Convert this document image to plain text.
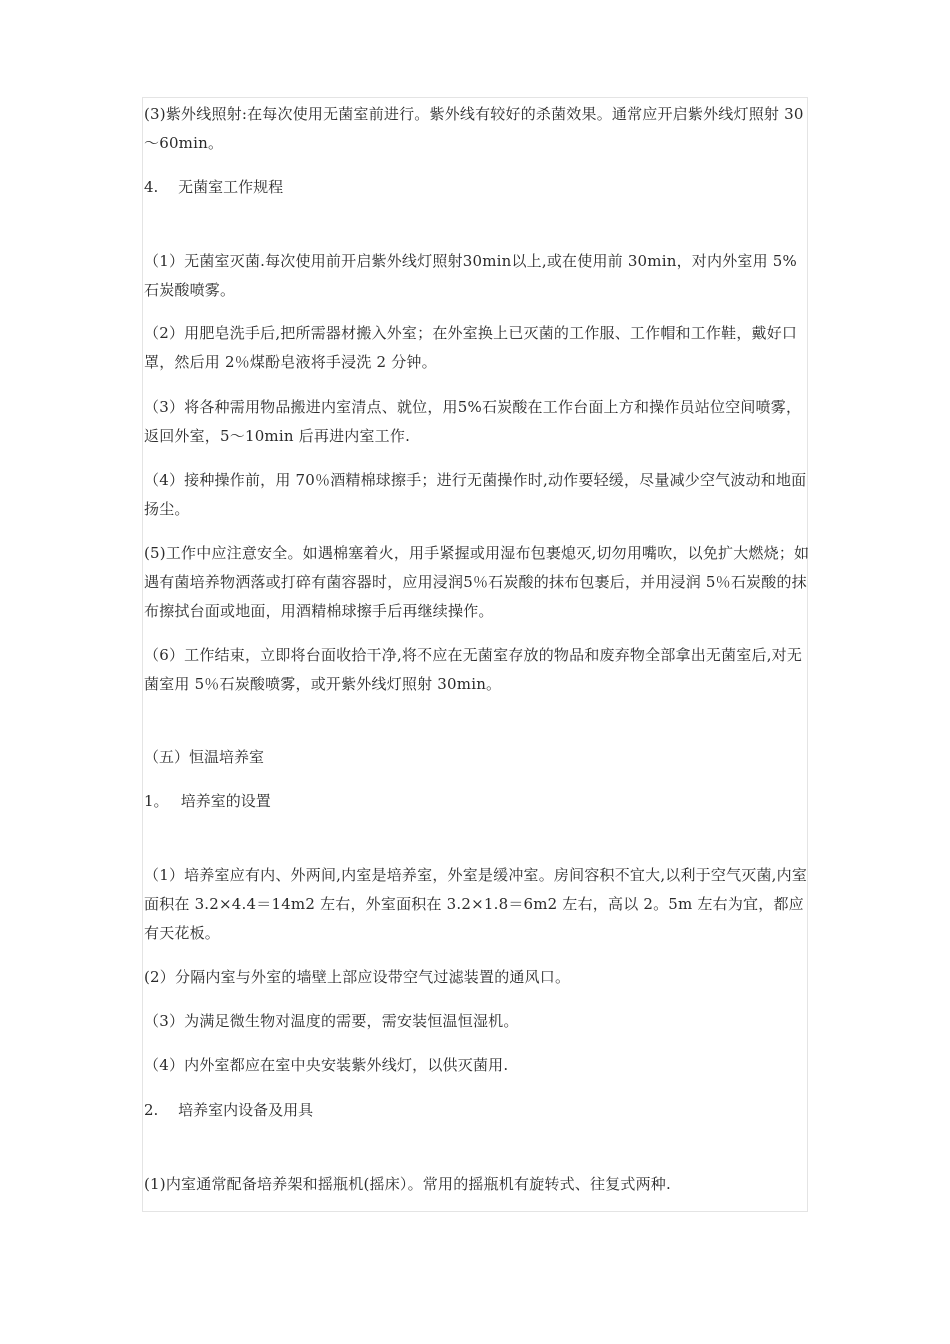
(3)紫外线照射:在每次使用无菌室前进行。紫外线有较好的杀菌效果。通常应开启紫外线灯照射 30～60min。

4.　 无菌室工作规程

（1）无菌室灭菌.每次使用前开启紫外线灯照射30min以上,或在使用前 30min，对内外室用 5%石炭酸喷雾。

（2）用肥皂洗手后,把所需器材搬入外室；在外室换上已灭菌的工作服、工作帽和工作鞋，戴好口罩，然后用 2％煤酚皂液将手浸洗 2 分钟。

（3）将各种需用物品搬进内室清点、就位，用5%石炭酸在工作台面上方和操作员站位空间喷雾，返回外室，5～10min 后再进内室工作.

（4）接种操作前，用 70％酒精棉球擦手；进行无菌操作时,动作要轻缓，尽量减少空气波动和地面扬尘。

(5)工作中应注意安全。如遇棉塞着火，用手紧握或用湿布包裹熄灭,切勿用嘴吹，以免扩大燃烧；如遇有菌培养物洒落或打碎有菌容器时，应用浸润5％石炭酸的抹布包裹后，并用浸润 5％石炭酸的抹布擦拭台面或地面，用酒精棉球擦手后再继续操作。

（6）工作结束，立即将台面收拾干净,将不应在无菌室存放的物品和废弃物全部拿出无菌室后,对无菌室用 5％石炭酸喷雾，或开紫外线灯照射 30min。

（五）恒温培养室

1。　 培养室的设置

（1）培养室应有内、外两间,内室是培养室，外室是缓冲室。房间容积不宜大,以利于空气灭菌,内室面积在 3.2×4.4＝14m2 左右，外室面积在 3.2×1.8＝6m2 左右，高以 2。5m 左右为宜，都应有天花板。

(2）分隔内室与外室的墙壁上部应设带空气过滤装置的通风口。

（3）为满足微生物对温度的需要，需安装恒温恒湿机。

（4）内外室都应在室中央安装紫外线灯，以供灭菌用.

2.　 培养室内设备及用具

(1)内室通常配备培养架和摇瓶机(摇床）。常用的摇瓶机有旋转式、往复式两种.
